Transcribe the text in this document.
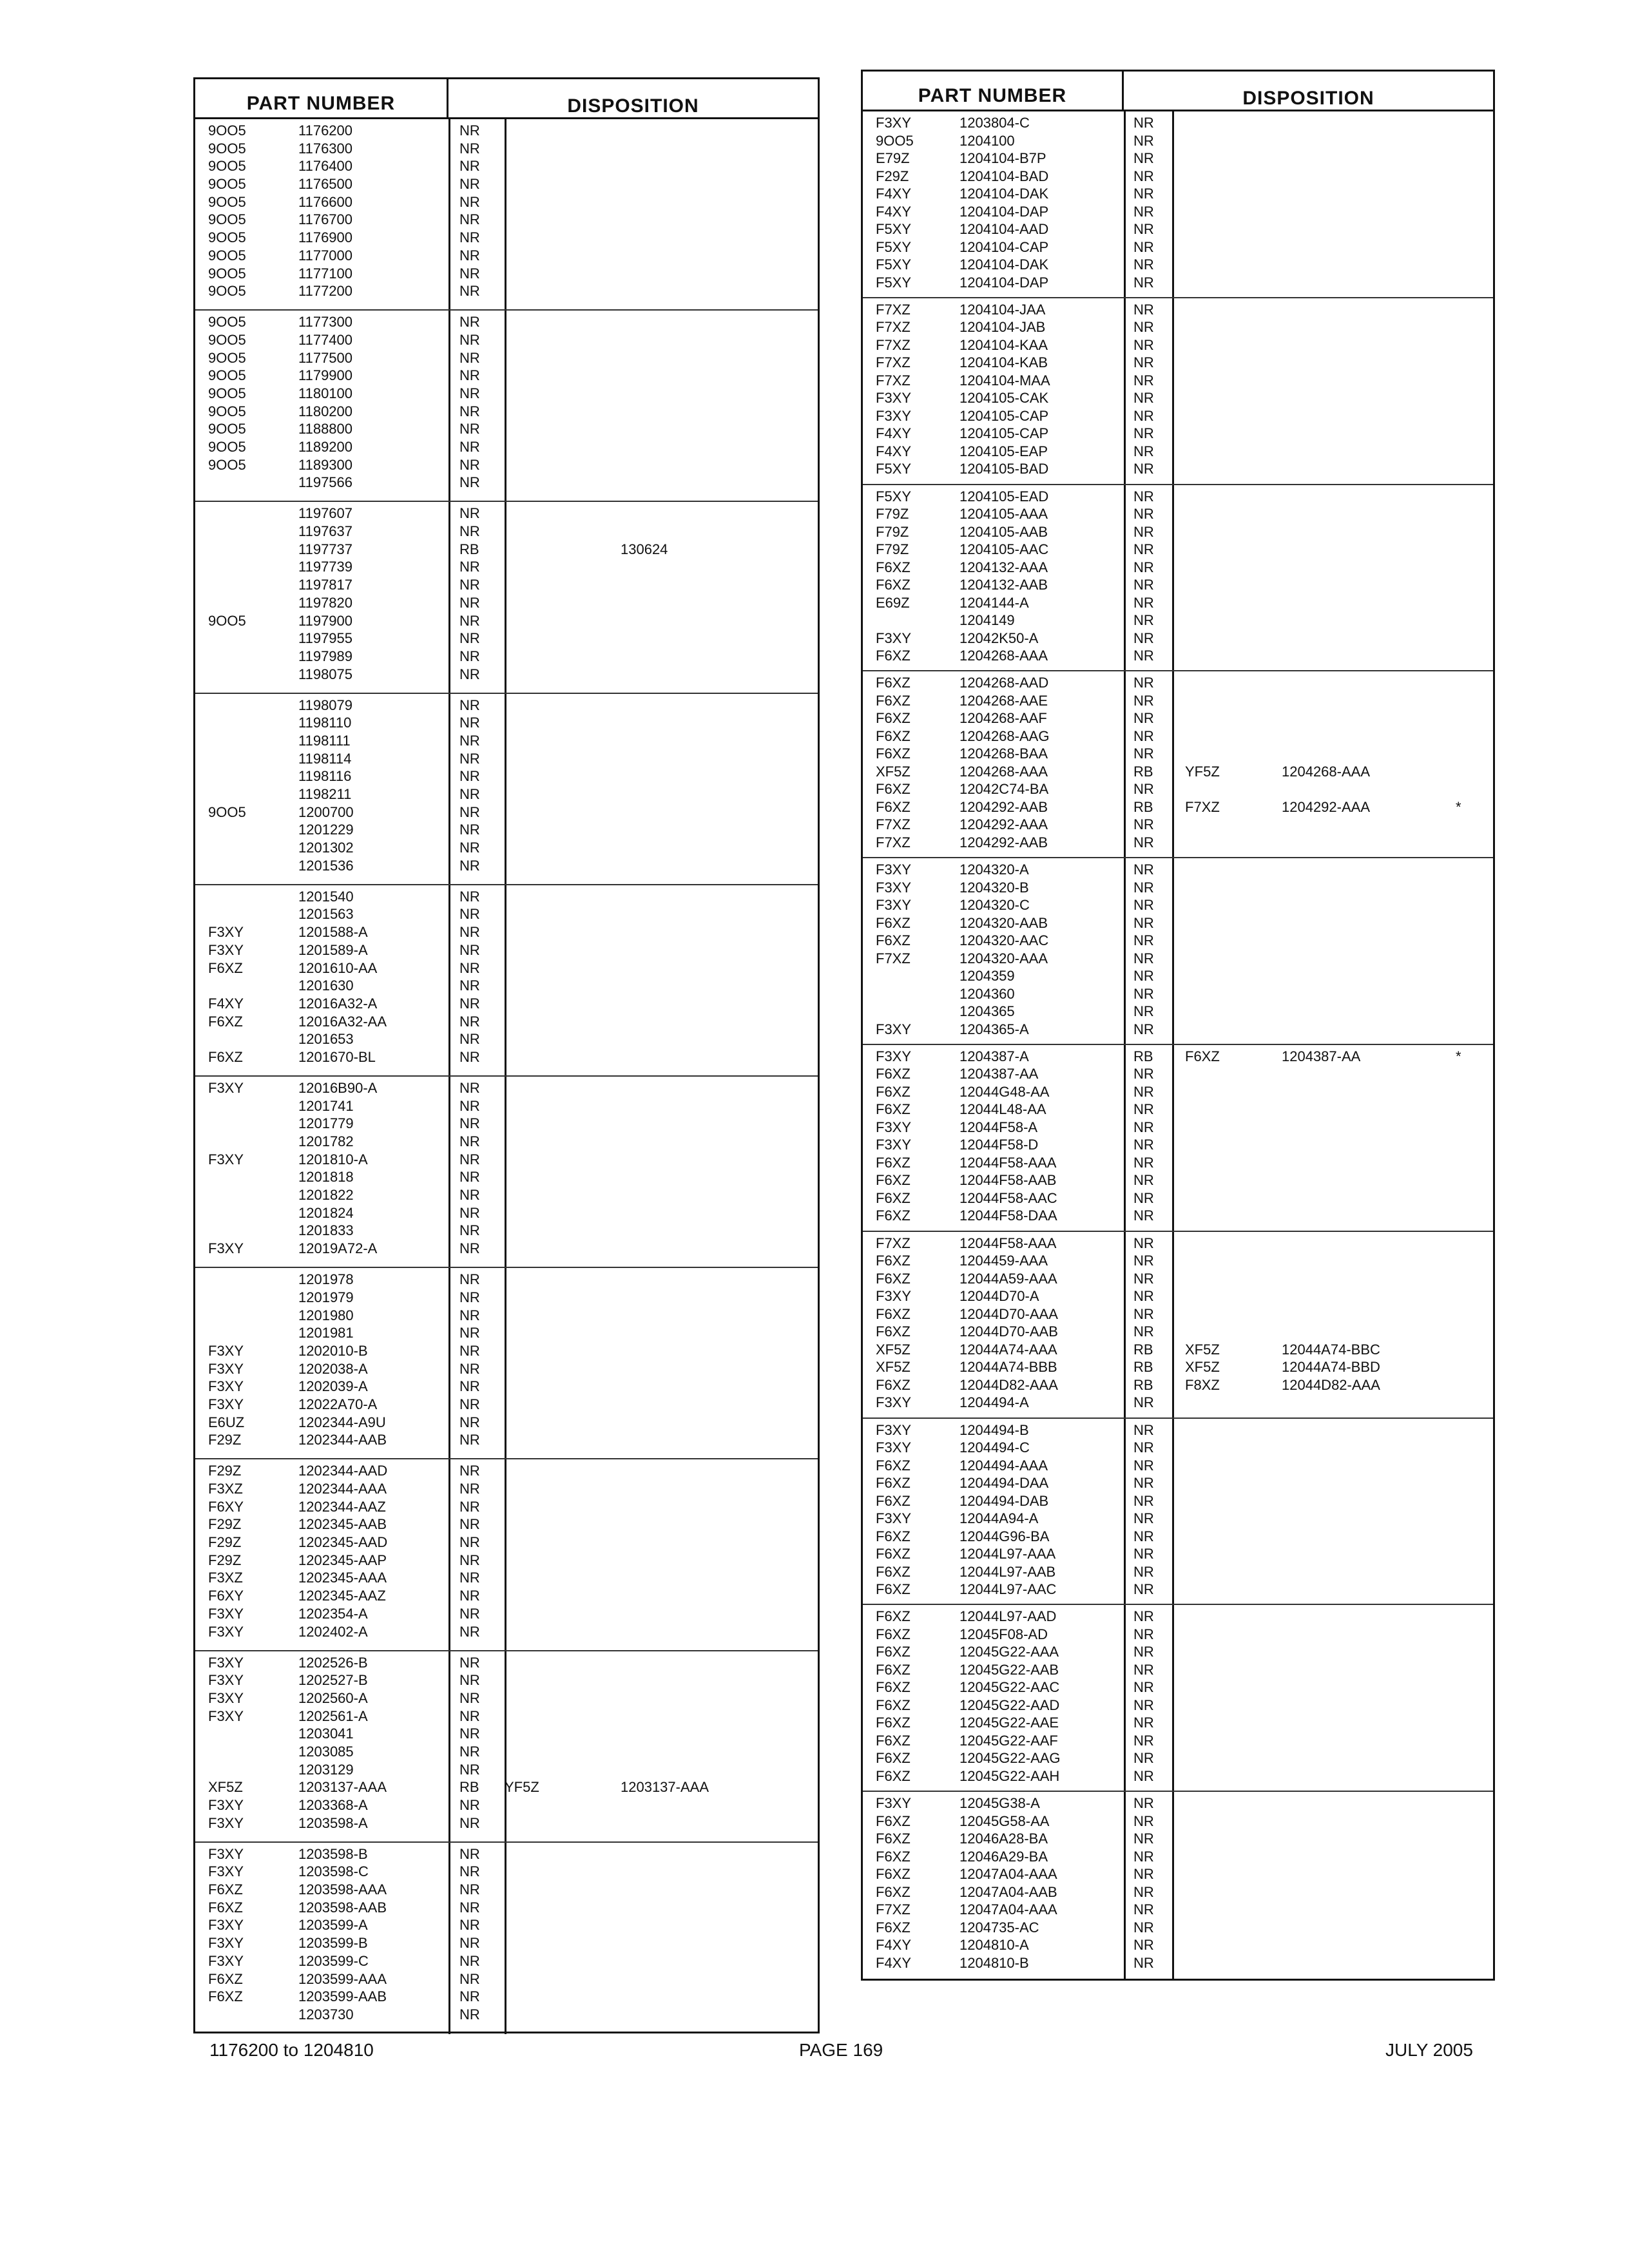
PART NUMBER	DISPOSITION
9OO5	1176200	NR
9OO5	1176300	NR
9OO5	1176400	NR
9OO5	1176500	NR
9OO5	1176600	NR
9OO5	1176700	NR
9OO5	1176900	NR
9OO5	1177000	NR
9OO5	1177100	NR
9OO5	1177200	NR
9OO5	1177300	NR
9OO5	1177400	NR
9OO5	1177500	NR
9OO5	1179900	NR
9OO5	1180100	NR
9OO5	1180200	NR
9OO5	1188800	NR
9OO5	1189200	NR
9OO5	1189300	NR
1197566	NR
1197607	NR
1197637	NR
1197737	RB	130624
1197739	NR
1197817	NR
1197820	NR
9OO5	1197900	NR
1197955	NR
1197989	NR
1198075	NR
1198079	NR
1198110	NR
1198111	NR
1198114	NR
1198116	NR
1198211	NR
9OO5	1200700	NR
1201229	NR
1201302	NR
1201536	NR
1201540	NR
1201563	NR
F3XY	1201588-A	NR
F3XY	1201589-A	NR
F6XZ	1201610-AA	NR
1201630	NR
F4XY	12016A32-A	NR
F6XZ	12016A32-AA	NR
1201653	NR
F6XZ	1201670-BL	NR
F3XY	12016B90-A	NR
1201741	NR
1201779	NR
1201782	NR
F3XY	1201810-A	NR
1201818	NR
1201822	NR
1201824	NR
1201833	NR
F3XY	12019A72-A	NR
1201978	NR
1201979	NR
1201980	NR
1201981	NR
F3XY	1202010-B	NR
F3XY	1202038-A	NR
F3XY	1202039-A	NR
F3XY	12022A70-A	NR
E6UZ	1202344-A9U	NR
F29Z	1202344-AAB	NR
F29Z	1202344-AAD	NR
F3XZ	1202344-AAA	NR
F6XY	1202344-AAZ	NR
F29Z	1202345-AAB	NR
F29Z	1202345-AAD	NR
F29Z	1202345-AAP	NR
F3XZ	1202345-AAA	NR
F6XY	1202345-AAZ	NR
F3XY	1202354-A	NR
F3XY	1202402-A	NR
F3XY	1202526-B	NR
F3XY	1202527-B	NR
F3XY	1202560-A	NR
F3XY	1202561-A	NR
1203041	NR
1203085	NR
1203129	NR
XF5Z	1203137-AAA	RB YF5Z	1203137-AAA
F3XY	1203368-A	NR
F3XY	1203598-A	NR
F3XY	1203598-B	NR
F3XY	1203598-C	NR
F6XZ	1203598-AAA	NR
F6XZ	1203598-AAB	NR
F3XY	1203599-A	NR
F3XY	1203599-B	NR
F3XY	1203599-C	NR
F6XZ	1203599-AAA	NR
F6XZ	1203599-AAB	NR
1203730	NR
PART NUMBER	DISPOSITION
F3XY	1203804-C	NR
9OO5	1204100	NR
E79Z	1204104-B7P	NR
F29Z	1204104-BAD	NR
F4XY	1204104-DAK	NR
F4XY	1204104-DAP	NR
F5XY	1204104-AAD	NR
F5XY	1204104-CAP	NR
F5XY	1204104-DAK	NR
F5XY	1204104-DAP	NR
F7XZ	1204104-JAA	NR
F7XZ	1204104-JAB	NR
F7XZ	1204104-KAA	NR
F7XZ	1204104-KAB	NR
F7XZ	1204104-MAA	NR
F3XY	1204105-CAK	NR
F3XY	1204105-CAP	NR
F4XY	1204105-CAP	NR
F4XY	1204105-EAP	NR
F5XY	1204105-BAD	NR
F5XY	1204105-EAD	NR
F79Z	1204105-AAA	NR
F79Z	1204105-AAB	NR
F79Z	1204105-AAC	NR
F6XZ	1204132-AAA	NR
F6XZ	1204132-AAB	NR
E69Z	1204144-A	NR
1204149	NR
F3XY	12042K50-A	NR
F6XZ	1204268-AAA	NR
F6XZ	1204268-AAD	NR
F6XZ	1204268-AAE	NR
F6XZ	1204268-AAF	NR
F6XZ	1204268-AAG	NR
F6XZ	1204268-BAA	NR
XF5Z	1204268-AAA	RB YF5Z	1204268-AAA
F6XZ	12042C74-BA	NR
F6XZ	1204292-AAB	RB F7XZ	1204292-AAA	*
F7XZ	1204292-AAA	NR
F7XZ	1204292-AAB	NR
F3XY	1204320-A	NR
F3XY	1204320-B	NR
F3XY	1204320-C	NR
F6XZ	1204320-AAB	NR
F6XZ	1204320-AAC	NR
F7XZ	1204320-AAA	NR
1204359	NR
1204360	NR
1204365	NR
F3XY	1204365-A	NR
F3XY	1204387-A	RB F6XZ	1204387-AA	*
F6XZ	1204387-AA	NR
F6XZ	12044G48-AA	NR
F6XZ	12044L48-AA	NR
F3XY	12044F58-A	NR
F3XY	12044F58-D	NR
F6XZ	12044F58-AAA	NR
F6XZ	12044F58-AAB	NR
F6XZ	12044F58-AAC	NR
F6XZ	12044F58-DAA	NR
F7XZ	12044F58-AAA	NR
F6XZ	1204459-AAA	NR
F6XZ	12044A59-AAA	NR
F3XY	12044D70-A	NR
F6XZ	12044D70-AAA	NR
F6XZ	12044D70-AAB	NR
XF5Z	12044A74-AAA	RB XF5Z	12044A74-BBC
XF5Z	12044A74-BBB	RB XF5Z	12044A74-BBD
F6XZ	12044D82-AAA	RB F8XZ	12044D82-AAA
F3XY	1204494-A	NR
F3XY	1204494-B	NR
F3XY	1204494-C	NR
F6XZ	1204494-AAA	NR
F6XZ	1204494-DAA	NR
F6XZ	1204494-DAB	NR
F3XY	12044A94-A	NR
F6XZ	12044G96-BA	NR
F6XZ	12044L97-AAA	NR
F6XZ	12044L97-AAB	NR
F6XZ	12044L97-AAC	NR
F6XZ	12044L97-AAD	NR
F6XZ	12045F08-AD	NR
F6XZ	12045G22-AAA	NR
F6XZ	12045G22-AAB	NR
F6XZ	12045G22-AAC	NR
F6XZ	12045G22-AAD	NR
F6XZ	12045G22-AAE	NR
F6XZ	12045G22-AAF	NR
F6XZ	12045G22-AAG	NR
F6XZ	12045G22-AAH	NR
F3XY	12045G38-A	NR
F6XZ	12045G58-AA	NR
F6XZ	12046A28-BA	NR
F6XZ	12046A29-BA	NR
F6XZ	12047A04-AAA	NR
F6XZ	12047A04-AAB	NR
F7XZ	12047A04-AAA	NR
F6XZ	1204735-AC	NR
F4XY	1204810-A	NR
F4XY	1204810-B	NR
1176200 to 1204810	PAGE 169	JULY 2005
